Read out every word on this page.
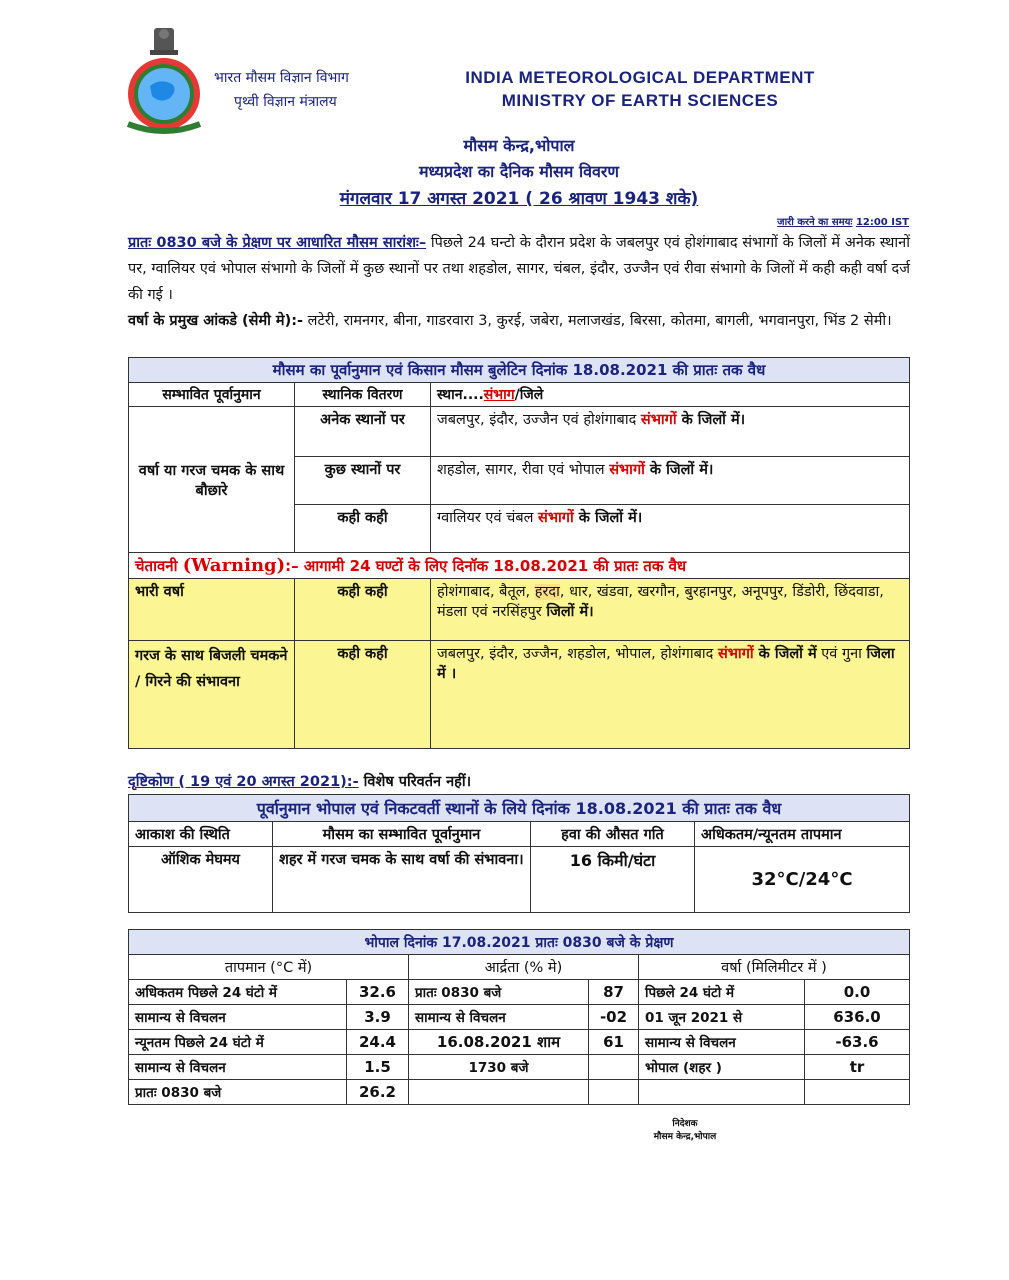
भारत मौसम विज्ञान विभाग
पृथ्वी विज्ञान मंत्रालय
INDIA METEOROLOGICAL DEPARTMENT
MINISTRY OF EARTH SCIENCES
मौसम केन्द्र,भोपाल
मध्यप्रदेश का दैनिक मौसम विवरण
मंगलवार 17 अगस्त 2021 ( 26 श्रावण 1943 शके)
जारी करने का समयः 12:00 IST
प्रातः 0830 बजे के प्रेक्षण पर आधारित मौसम सारांशः– पिछले 24 घन्टो के दौरान प्रदेश के जबलपुर एवं होशंगाबाद संभागों के जिलों में अनेक स्थानों पर, ग्वालियर एवं भोपाल संभागो के जिलों में कुछ स्थानों पर तथा शहडोल, सागर, चंबल, इंदौर, उज्जैन एवं रीवा संभागो के जिलों में कही कही वर्षा दर्ज की गई ।
वर्षा के प्रमुख आंकडे (सेमी मे):- लटेरी, रामनगर, बीना, गाडरवारा 3, कुरई, जबेरा, मलाजखंड, बिरसा, कोतमा, बागली, भगवानपुरा, भिंड 2 सेमी।
मौसम का पूर्वानुमान एवं किसान मौसम बुलेटिन दिनांक 18.08.2021 की प्रातः तक वैध		
सम्भावित पूर्वानुमान	स्थानिक वितरण	स्थान....संभाग/जिले
वर्षा या गरज चमक के साथ बौछारे	अनेक स्थानों पर	जबलपुर, इंदौर, उज्जैन एवं होशंगाबाद संभागों के जिलों में।
	कुछ स्थानों पर	शहडोल, सागर, रीवा एवं भोपाल संभागों के जिलों में।
	कही कही	ग्वालियर एवं चंबल संभागों के जिलों में।
चेतावनी (Warning):– आगामी 24 घण्टों के लिए दिनॉक 18.08.2021 की प्रातः तक वैध		
भारी वर्षा	कही कही	होशंगाबाद, बैतूल, हरदा, धार, खंडवा, खरगौन, बुरहानपुर, अनूपपुर, डिंडोरी, छिंदवाडा, मंडला एवं नरसिंहपुर जिलों में।
गरज के साथ बिजली चमकने / गिरने की संभावना	कही कही	जबलपुर, इंदौर, उज्जैन, शहडोल, भोपाल, होशंगाबाद संभागों के जिलों में एवं गुना जिला में ।
दृष्टिकोण ( 19 एवं 20 अगस्त 2021):- विशेष परिवर्तन नहीं।
पूर्वानुमान भोपाल एवं निकटवर्ती स्थानों के लिये दिनांक 18.08.2021 की प्रातः तक वैध			
आकाश की स्थिति	मौसम का सम्भावित पूर्वानुमान	हवा की औसत गति	अधिकतम/न्यूनतम तापमान
ऑशिक मेघमय	शहर में गरज चमक के साथ वर्षा की संभावना।	16 किमी/घंटा	32°C/24°C
भोपाल दिनांक 17.08.2021 प्रातः 0830 बजे के प्रेक्षण					
तापमान (°C में)		आर्द्रता (% मे)		वर्षा (मिलिमीटर में )	
अधिकतम पिछले 24 घंटो में	32.6	प्रातः 0830 बजे	87	पिछले 24 घंटो में	0.0
सामान्य से विचलन	3.9	सामान्य से विचलन	-02	01 जून 2021 से	636.0
न्यूनतम पिछले 24 घंटो में	24.4	16.08.2021 शाम	61	सामान्य से विचलन	-63.6
सामान्य से विचलन	1.5	1730 बजे		भोपाल (शहर )	tr
प्रातः 0830 बजे	26.2				
निदेशक
मौसम केन्द्र,भोपाल
